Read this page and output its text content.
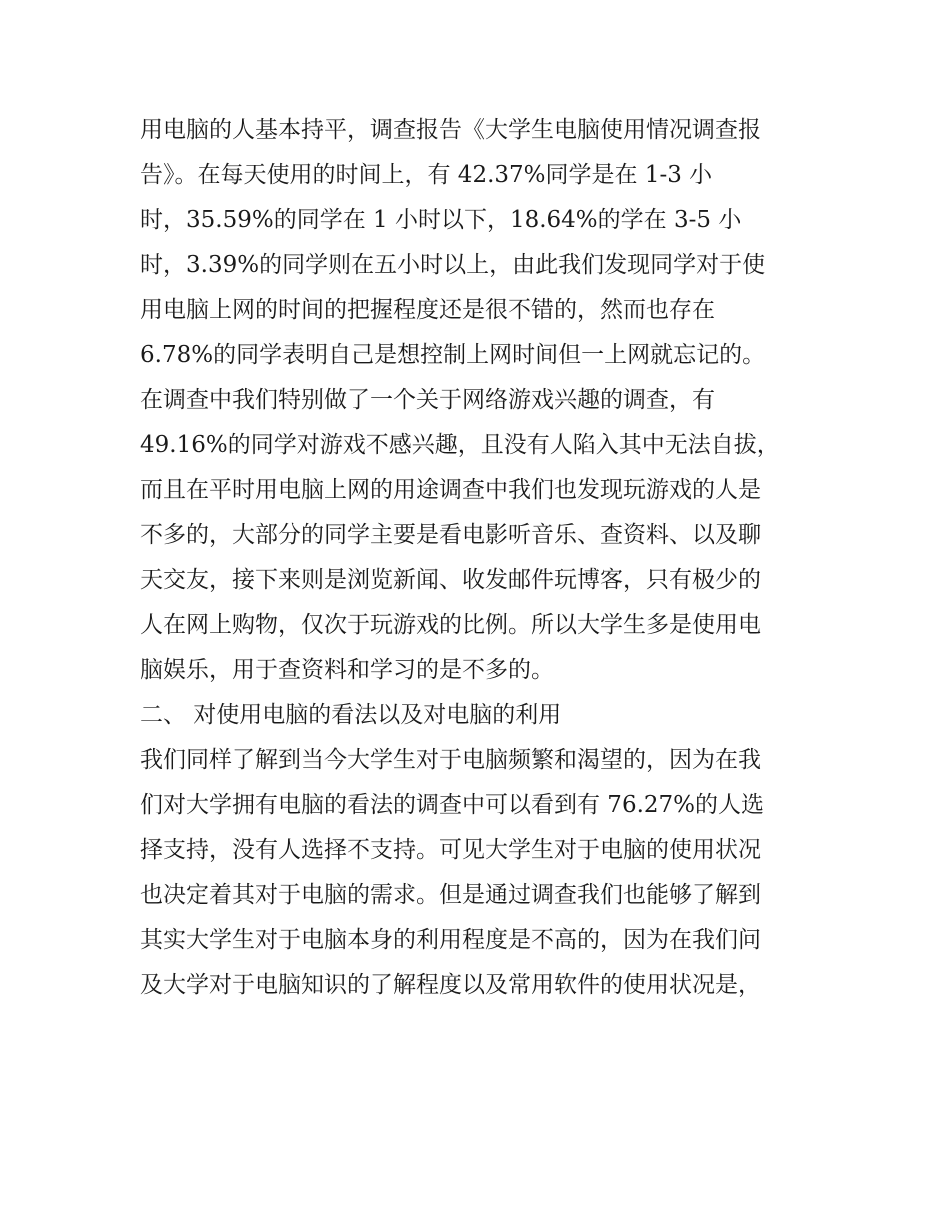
用电脑的人基本持平，调查报告《大学生电脑使用情况调查报
告》。在每天使用的时间上，有 42.37%同学是在 1-3 小
时，35.59%的同学在 1 小时以下，18.64%的学在 3-5 小
时，3.39%的同学则在五小时以上，由此我们发现同学对于使
用电脑上网的时间的把握程度还是很不错的，然而也存在
6.78%的同学表明自己是想控制上网时间但一上网就忘记的。
在调查中我们特别做了一个关于网络游戏兴趣的调查，有
49.16%的同学对游戏不感兴趣，且没有人陷入其中无法自拔，
而且在平时用电脑上网的用途调查中我们也发现玩游戏的人是
不多的，大部分的同学主要是看电影听音乐、查资料、以及聊
天交友，接下来则是浏览新闻、收发邮件玩博客，只有极少的
人在网上购物，仅次于玩游戏的比例。所以大学生多是使用电
脑娱乐，用于查资料和学习的是不多的。
二、 对使用电脑的看法以及对电脑的利用
我们同样了解到当今大学生对于电脑频繁和渴望的，因为在我
们对大学拥有电脑的看法的调查中可以看到有 76.27%的人选
择支持，没有人选择不支持。可见大学生对于电脑的使用状况
也决定着其对于电脑的需求。但是通过调查我们也能够了解到
其实大学生对于电脑本身的利用程度是不高的，因为在我们问
及大学对于电脑知识的了解程度以及常用软件的使用状况是，
